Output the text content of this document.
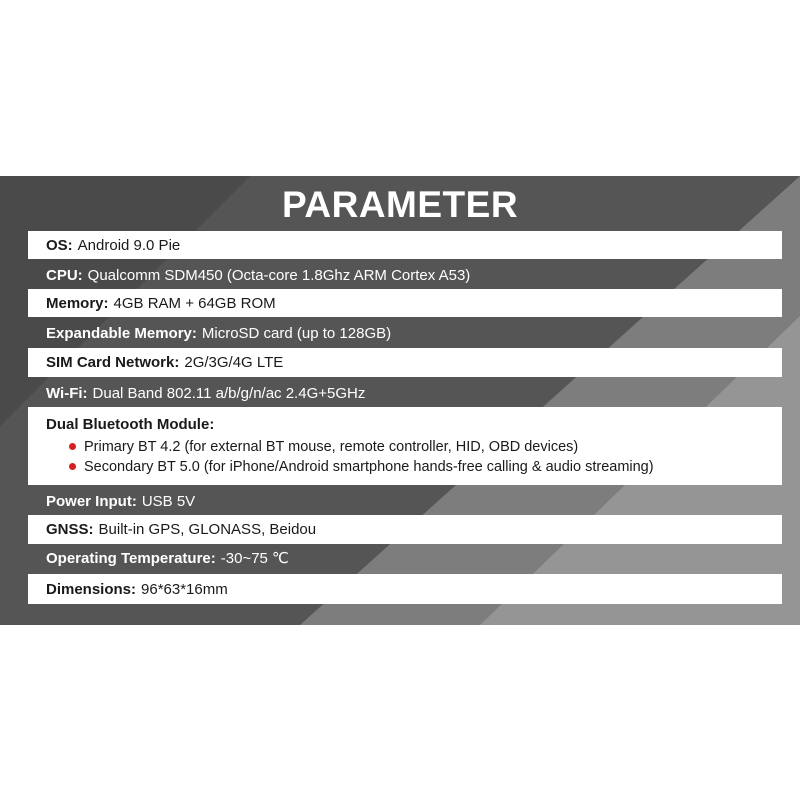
PARAMETER
OS: Android 9.0 Pie
CPU: Qualcomm SDM450 (Octa-core 1.8Ghz ARM Cortex A53)
Memory: 4GB RAM + 64GB ROM
Expandable Memory: MicroSD card (up to 128GB)
SIM Card Network: 2G/3G/4G LTE
Wi-Fi: Dual Band 802.11 a/b/g/n/ac 2.4G+5GHz
Dual Bluetooth Module:
Primary BT 4.2 (for external BT mouse, remote controller, HID, OBD devices)
Secondary BT 5.0 (for iPhone/Android smartphone hands-free calling & audio streaming)
Power Input: USB 5V
GNSS: Built-in GPS, GLONASS, Beidou
Operating Temperature: -30~75 ℃
Dimensions: 96*63*16mm
